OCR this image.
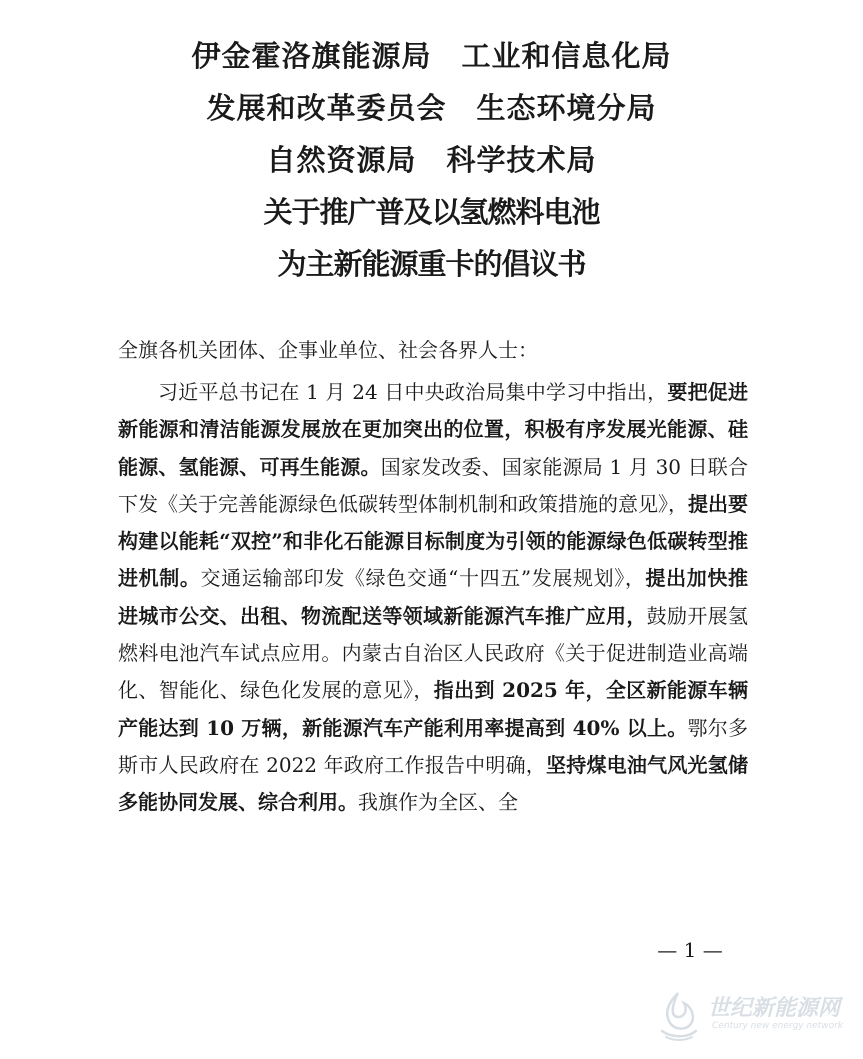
伊金霍洛旗能源局　工业和信息化局
发展和改革委员会　生态环境分局
自然资源局　科学技术局
关于推广普及以氢燃料电池
为主新能源重卡的倡议书
全旗各机关团体、企事业单位、社会各界人士：
习近平总书记在 1 月 24 日中央政治局集中学习中指出，要把促进新能源和清洁能源发展放在更加突出的位置，积极有序发展光能源、硅能源、氢能源、可再生能源。国家发改委、国家能源局 1 月 30 日联合下发《关于完善能源绿色低碳转型体制机制和政策措施的意见》，提出要构建以能耗“双控”和非化石能源目标制度为引领的能源绿色低碳转型推进机制。交通运输部印发《绿色交通“十四五”发展规划》，提出加快推进城市公交、出租、物流配送等领域新能源汽车推广应用，鼓励开展氢燃料电池汽车试点应用。内蒙古自治区人民政府《关于促进制造业高端化、智能化、绿色化发展的意见》，指出到 2025 年，全区新能源车辆产能达到 10 万辆，新能源汽车产能利用率提高到 40% 以上。鄂尔多斯市人民政府在 2022 年政府工作报告中明确，坚持煤电油气风光氢储多能协同发展、综合利用。我旗作为全区、全
— 1 —
世纪新能源网
Century new energy network
